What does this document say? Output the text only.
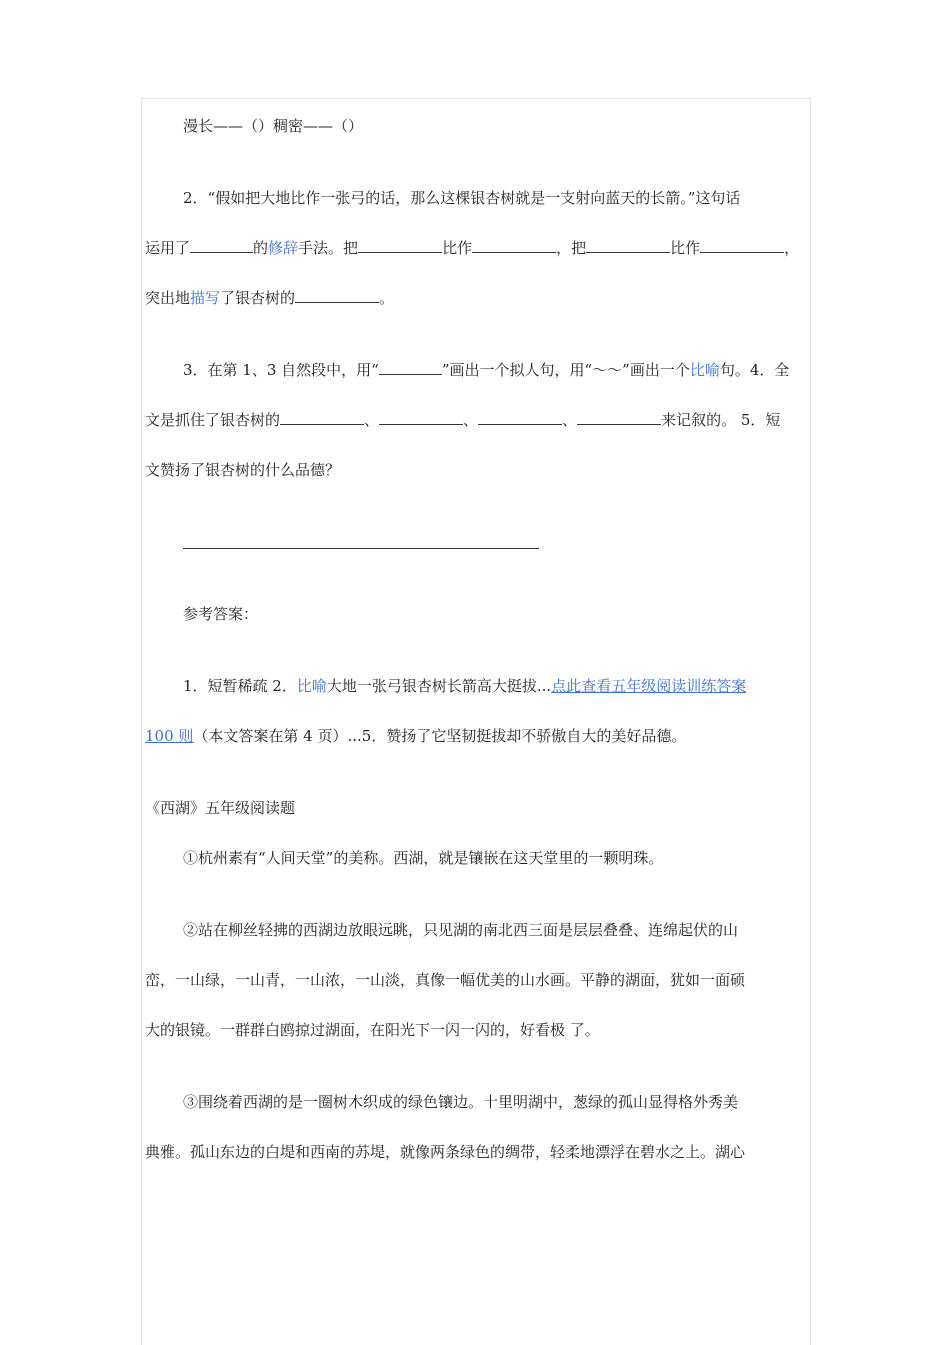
漫长——（）稠密——（）
2．“假如把大地比作一张弓的话，那么这棵银杏树就是一支射向蓝天的长箭。”这句话
运用了	的修辞手法。把	比作	，把	比作	，
突出地描写了银杏树的	。
3．在第 1、3 自然段中，用“	”画出一个拟人句，用“～～”画出一个比喻句。4．全
文是抓住了银杏树的	、	、	、	来记叙的。 5．短
文赞扬了银杏树的什么品德？
参考答案：
1．短暂稀疏 2．比喻大地一张弓银杏树长箭高大挺拔...点此查看五年级阅读训练答案
100 则（本文答案在第 4 页）...5．赞扬了它坚韧挺拔却不骄傲自大的美好品德。
《西湖》五年级阅读题
①杭州素有“人间天堂”的美称。西湖，就是镶嵌在这天堂里的一颗明珠。
②站在柳丝轻拂的西湖边放眼远眺，只见湖的南北西三面是层层叠叠、连绵起伏的山
峦，一山绿，一山青，一山浓，一山淡，真像一幅优美的山水画。平静的湖面，犹如一面硕
大的银镜。一群群白鸥掠过湖面，在阳光下一闪一闪的，好看极 了。
③围绕着西湖的是一圈树木织成的绿色镶边。十里明湖中，葱绿的孤山显得格外秀美
典雅。孤山东边的白堤和西南的苏堤，就像两条绿色的绸带，轻柔地漂浮在碧水之上。湖心
